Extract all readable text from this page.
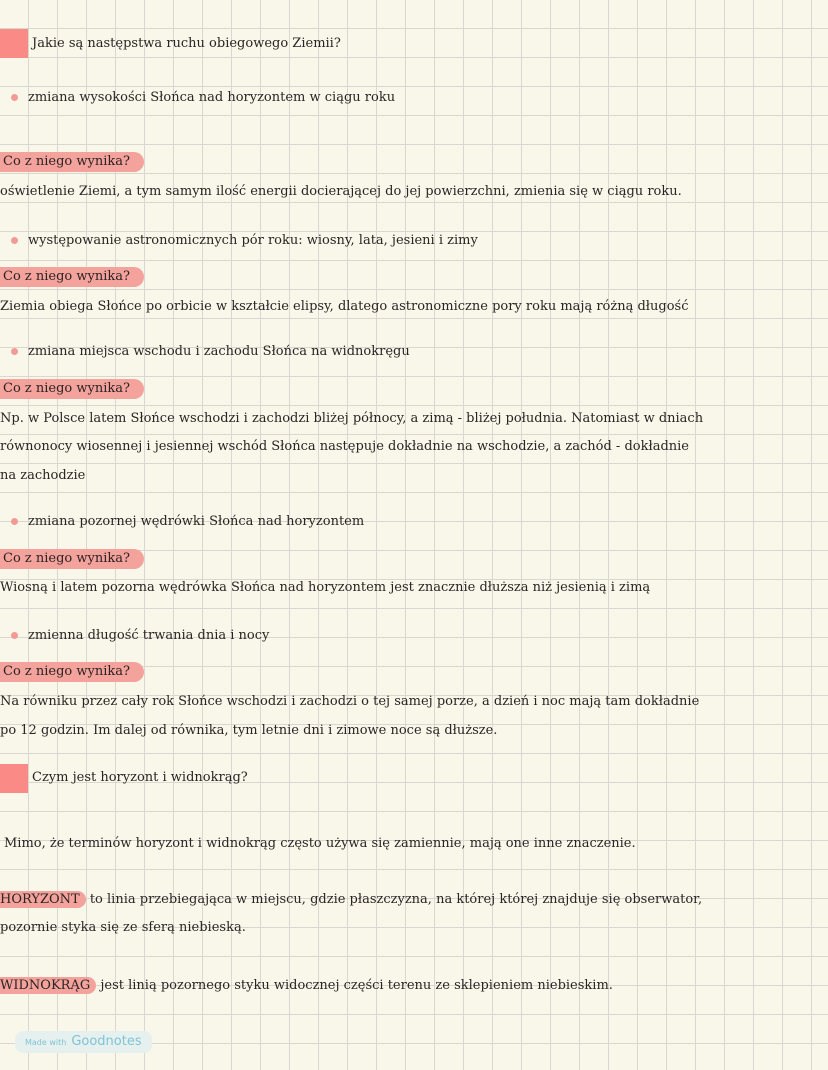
Jakie są następstwa ruchu obiegowego Ziemii?
zmiana wysokości Słońca nad horyzontem w ciągu roku
Co z niego wynika?
oświetlenie Ziemi, a tym samym ilość energii docierającej do jej powierzchni, zmienia się w ciągu roku.
występowanie astronomicznych pór roku: wiosny, lata, jesieni i zimy
Co z niego wynika?
Ziemia obiega Słońce po orbicie w kształcie elipsy, dlatego astronomiczne pory roku mają różną długość
zmiana miejsca wschodu i zachodu Słońca na widnokręgu
Co z niego wynika?
Np. w Polsce latem Słońce wschodzi i zachodzi bliżej północy, a zimą - bliżej południa. Natomiast w dniach
równonocy wiosennej i jesiennej wschód Słońca następuje dokładnie na wschodzie, a zachód - dokładnie
na zachodzie
zmiana pozornej wędrówki Słońca nad horyzontem
Co z niego wynika?
Wiosną i latem pozorna wędrówka Słońca nad horyzontem jest znacznie dłuższa niż jesienią i zimą
zmienna długość trwania dnia i nocy
Co z niego wynika?
Na równiku przez cały rok Słońce wschodzi i zachodzi o tej samej porze, a dzień i noc mają tam dokładnie
po 12 godzin. Im dalej od równika, tym letnie dni i zimowe noce są dłuższe.
Czym jest horyzont i widnokrąg?
Mimo, że terminów horyzont i widnokrąg często używa się zamiennie, mają one inne znaczenie.
HORYZONT to linia przebiegająca w miejscu, gdzie płaszczyzna, na której której znajduje się obserwator,
pozornie styka się ze sferą niebieską.
WIDNOKRĄG jest linią pozornego styku widocznej części terenu ze sklepieniem niebieskim.
Made with Goodnotes
